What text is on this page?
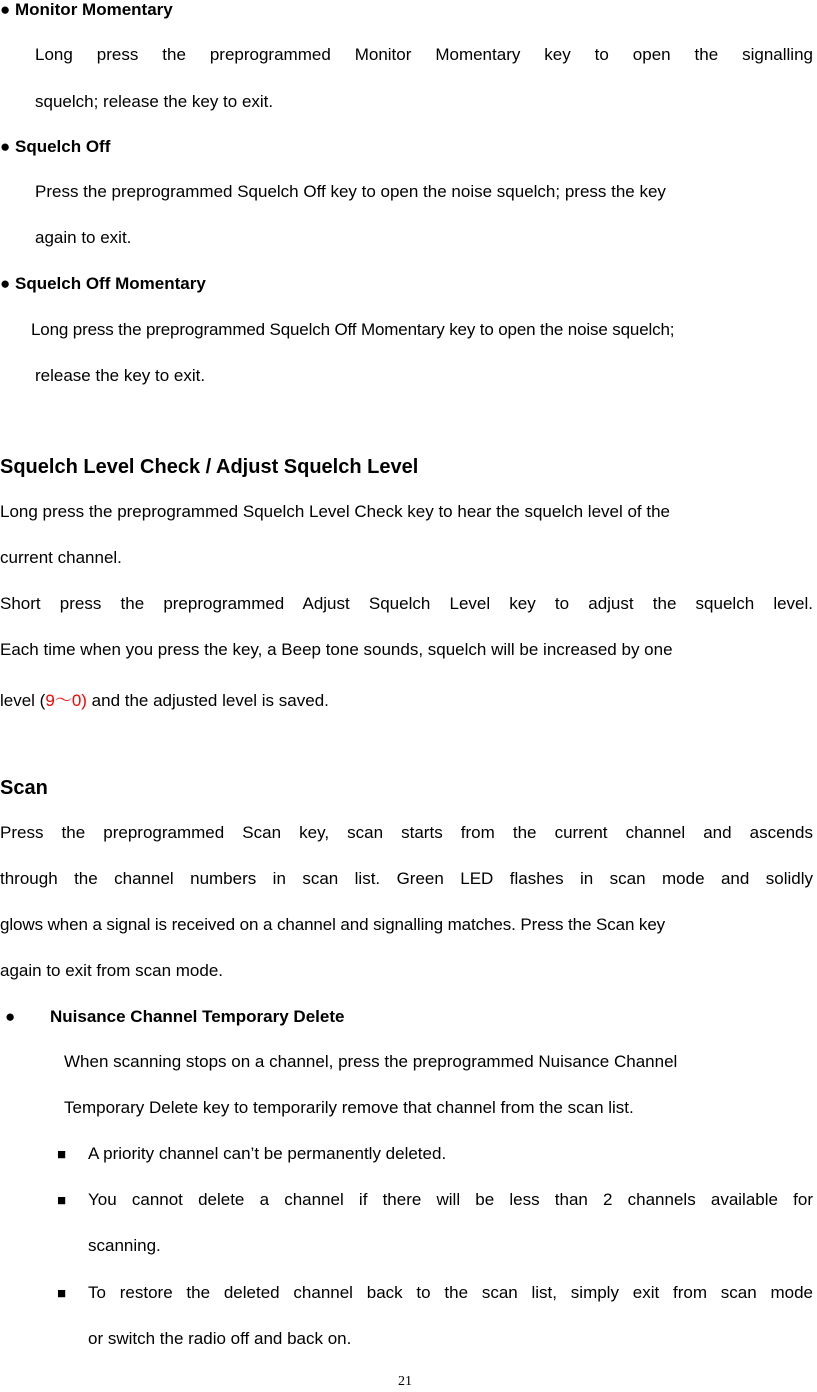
● Monitor Momentary
Long press the preprogrammed Monitor Momentary key to open the signalling
squelch; release the key to exit.
● Squelch Off
Press the preprogrammed Squelch Off key to open the noise squelch; press the key
again to exit.
● Squelch Off Momentary
Long press the preprogrammed Squelch Off Momentary key to open the noise squelch;
release the key to exit.
Squelch Level Check / Adjust Squelch Level
Long press the preprogrammed Squelch Level Check key to hear the squelch level of the
current channel.
Short press the preprogrammed Adjust Squelch Level key to adjust the squelch level.
Each time when you press the key, a Beep tone sounds, squelch will be increased by one
level (9～0) and the adjusted level is saved.
Scan
Press the preprogrammed Scan key, scan starts from the current channel and ascends
through the channel numbers in scan list. Green LED flashes in scan mode and solidly
glows when a signal is received on a channel and signalling matches. Press the Scan key
again to exit from scan mode.
● Nuisance Channel Temporary Delete
When scanning stops on a channel, press the preprogrammed Nuisance Channel
Temporary Delete key to temporarily remove that channel from the scan list.
■ A priority channel can’t be permanently deleted.
■ You cannot delete a channel if there will be less than 2 channels available for
scanning.
■ To restore the deleted channel back to the scan list, simply exit from scan mode
or switch the radio off and back on.
21
